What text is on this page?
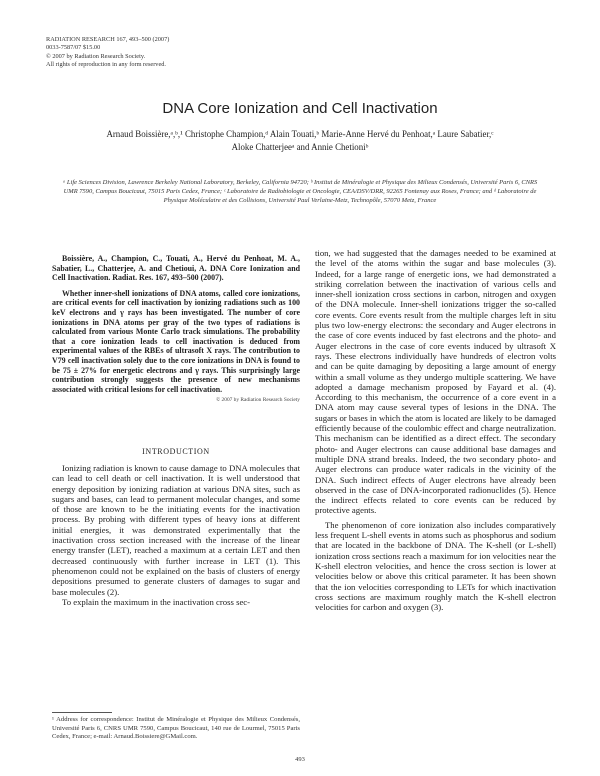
RADIATION RESEARCH 167, 493–500 (2007)
0033-7587/07 $15.00
© 2007 by Radiation Research Society.
All rights of reproduction in any form reserved.
DNA Core Ionization and Cell Inactivation
Arnaud Boissière,ᵃ,ᵇ,¹ Christophe Champion,ᵈ Alain Touati,ᵇ Marie-Anne Hervé du Penhoat,ᵃ Laure Sabatier,ᶜ
Aloke Chatterjeeᵃ and Annie Chetioniᵇ
ᵃ Life Sciences Division, Lawrence Berkeley National Laboratory, Berkeley, California 94720; ᵇ Institut de Minéralogie et Physique des Milieux Condensés, Université Paris 6, CNRS UMR 7590, Campus Boucicaut, 75015 Paris Cedex, France; ᶜ Laboratoire de Radiobiologie et Oncologie, CEA/DSV/DRR, 92265 Fontenay aux Roses, France; and ᵈ Laboratoire de Physique Moléculaire et des Collisions, Université Paul Verlaine-Metz, Technopôle, 57070 Metz, France

Boissière, A., Champion, C., Touati, A., Hervé du Penhoat, M. A., Sabatier, L., Chatterjee, A. and Chetioui, A. DNA Core Ionization and Cell Inactivation. Radiat. Res. 167, 493–500 (2007).

Whether inner-shell ionizations of DNA atoms, called core ionizations, are critical events for cell inactivation by ionizing radiations such as 100 keV electrons and γ rays has been investigated. The number of core ionizations in DNA atoms per gray of the two types of radiations is calculated from various Monte Carlo track simulations. The probability that a core ionization leads to cell inactivation is deduced from experimental values of the RBEs of ultrasoft X rays. The contribution to V79 cell inactivation solely due to the core ionizations in DNA is found to be 75 ± 27% for energetic electrons and γ rays. This surprisingly large contribution strongly suggests the presence of new mechanisms associated with critical lesions for cell inactivation.

© 2007 by Radiation Research Society
INTRODUCTION

Ionizing radiation is known to cause damage to DNA molecules that can lead to cell death or cell inactivation. It is well understood that energy deposition by ionizing radiation at various DNA sites, such as sugars and bases, can lead to permanent molecular changes, and some of those are known to be the initiating events for the inactivation process. By probing with different types of heavy ions at different initial energies, it was demonstrated experimentally that the inactivation cross section increased with the increase of the linear energy transfer (LET), reached a maximum at a certain LET and then decreased continuously with further increase in LET (1). This phenomenon could not be explained on the basis of clusters of energy depositions presumed to generate clusters of damages to sugar and base molecules (2).

To explain the maximum in the inactivation cross sec-

tion, we had suggested that the damages needed to be examined at the level of the atoms within the sugar and base molecules (3). Indeed, for a large range of energetic ions, we had demonstrated a striking correlation between the inactivation of various cells and inner-shell ionization cross sections in carbon, nitrogen and oxygen of the DNA molecule. Inner-shell ionizations trigger the so-called core events. Core events result from the multiple charges left in situ plus two low-energy electrons: the secondary and Auger electrons in the case of core events induced by fast electrons and the photo- and Auger electrons in the case of core events induced by ultrasoft X rays. These electrons individually have hundreds of electron volts and can be quite damaging by depositing a large amount of energy within a small volume as they undergo multiple scattering. We have adopted a damage mechanism proposed by Fayard et al. (4). According to this mechanism, the occurrence of a core event in a DNA atom may cause several types of lesions in the DNA. The sugars or bases in which the atom is located are likely to be damaged efficiently because of the coulombic effect and charge neutralization. This mechanism can be identified as a direct effect. The secondary photo- and Auger electrons can cause additional base damages and multiple DNA strand breaks. Indeed, the two secondary photo- and Auger electrons can produce water radicals in the vicinity of the DNA. Such indirect effects of Auger electrons have already been observed in the case of DNA-incorporated radionuclides (5). Hence the indirect effects related to core events can be reduced by protective agents.

The phenomenon of core ionization also includes comparatively less frequent L-shell events in atoms such as phosphorus and sodium that are located in the backbone of DNA. The K-shell (or L-shell) ionization cross sections reach a maximum for ion velocities near the K-shell electron velocities, and hence the cross section is lower at velocities below or above this critical parameter. It has been shown that the ion velocities corresponding to LETs for which inactivation cross sections are maximum roughly match the K-shell electron velocities for carbon and oxygen (3).

¹ Address for correspondence: Institut de Minéralogie et Physique des Milieux Condensés, Université Paris 6, CNRS UMR 7590, Campus Boucicaut, 140 rue de Lourmel, 75015 Paris Cedex, France; e-mail: Arnaud.Boissiere@GMail.com.
493
